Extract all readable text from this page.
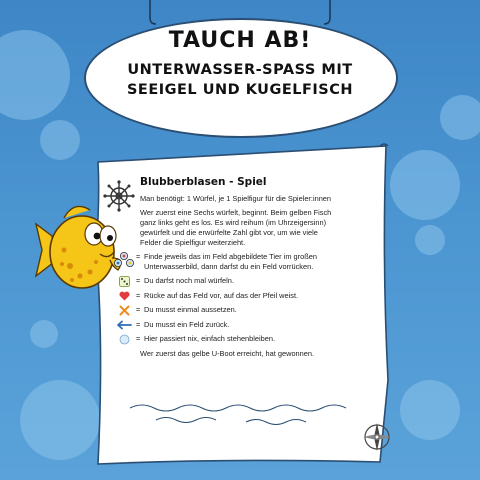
TAUCH AB!
UNTERWASSER-SPASS MIT
SEEIGEL UND KUGELFISCH
Blubberblasen - Spiel
Man benötigt: 1 Würfel, je 1 Spielfigur für die Spieler:innen
Wer zuerst eine Sechs würfelt, beginnt. Beim gelben Fisch
ganz links geht es los. Es wird reihum (im Uhrzeigersinn)
gewürfelt und die erwürfelte Zahl gibt vor, um wie viele
Felder die Spielfigur weiterzieht.
= Finde jeweils das im Feld abgebildete Tier im großen
Unterwasserbild, dann darfst du ein Feld vorrücken.
= Du darfst noch mal würfeln.
= Rücke auf das Feld vor, auf das der Pfeil weist.
= Du musst einmal aussetzen.
= Du musst ein Feld zurück.
= Hier passiert nix, einfach stehenbleiben.
Wer zuerst das gelbe U-Boot erreicht, hat gewonnen.
